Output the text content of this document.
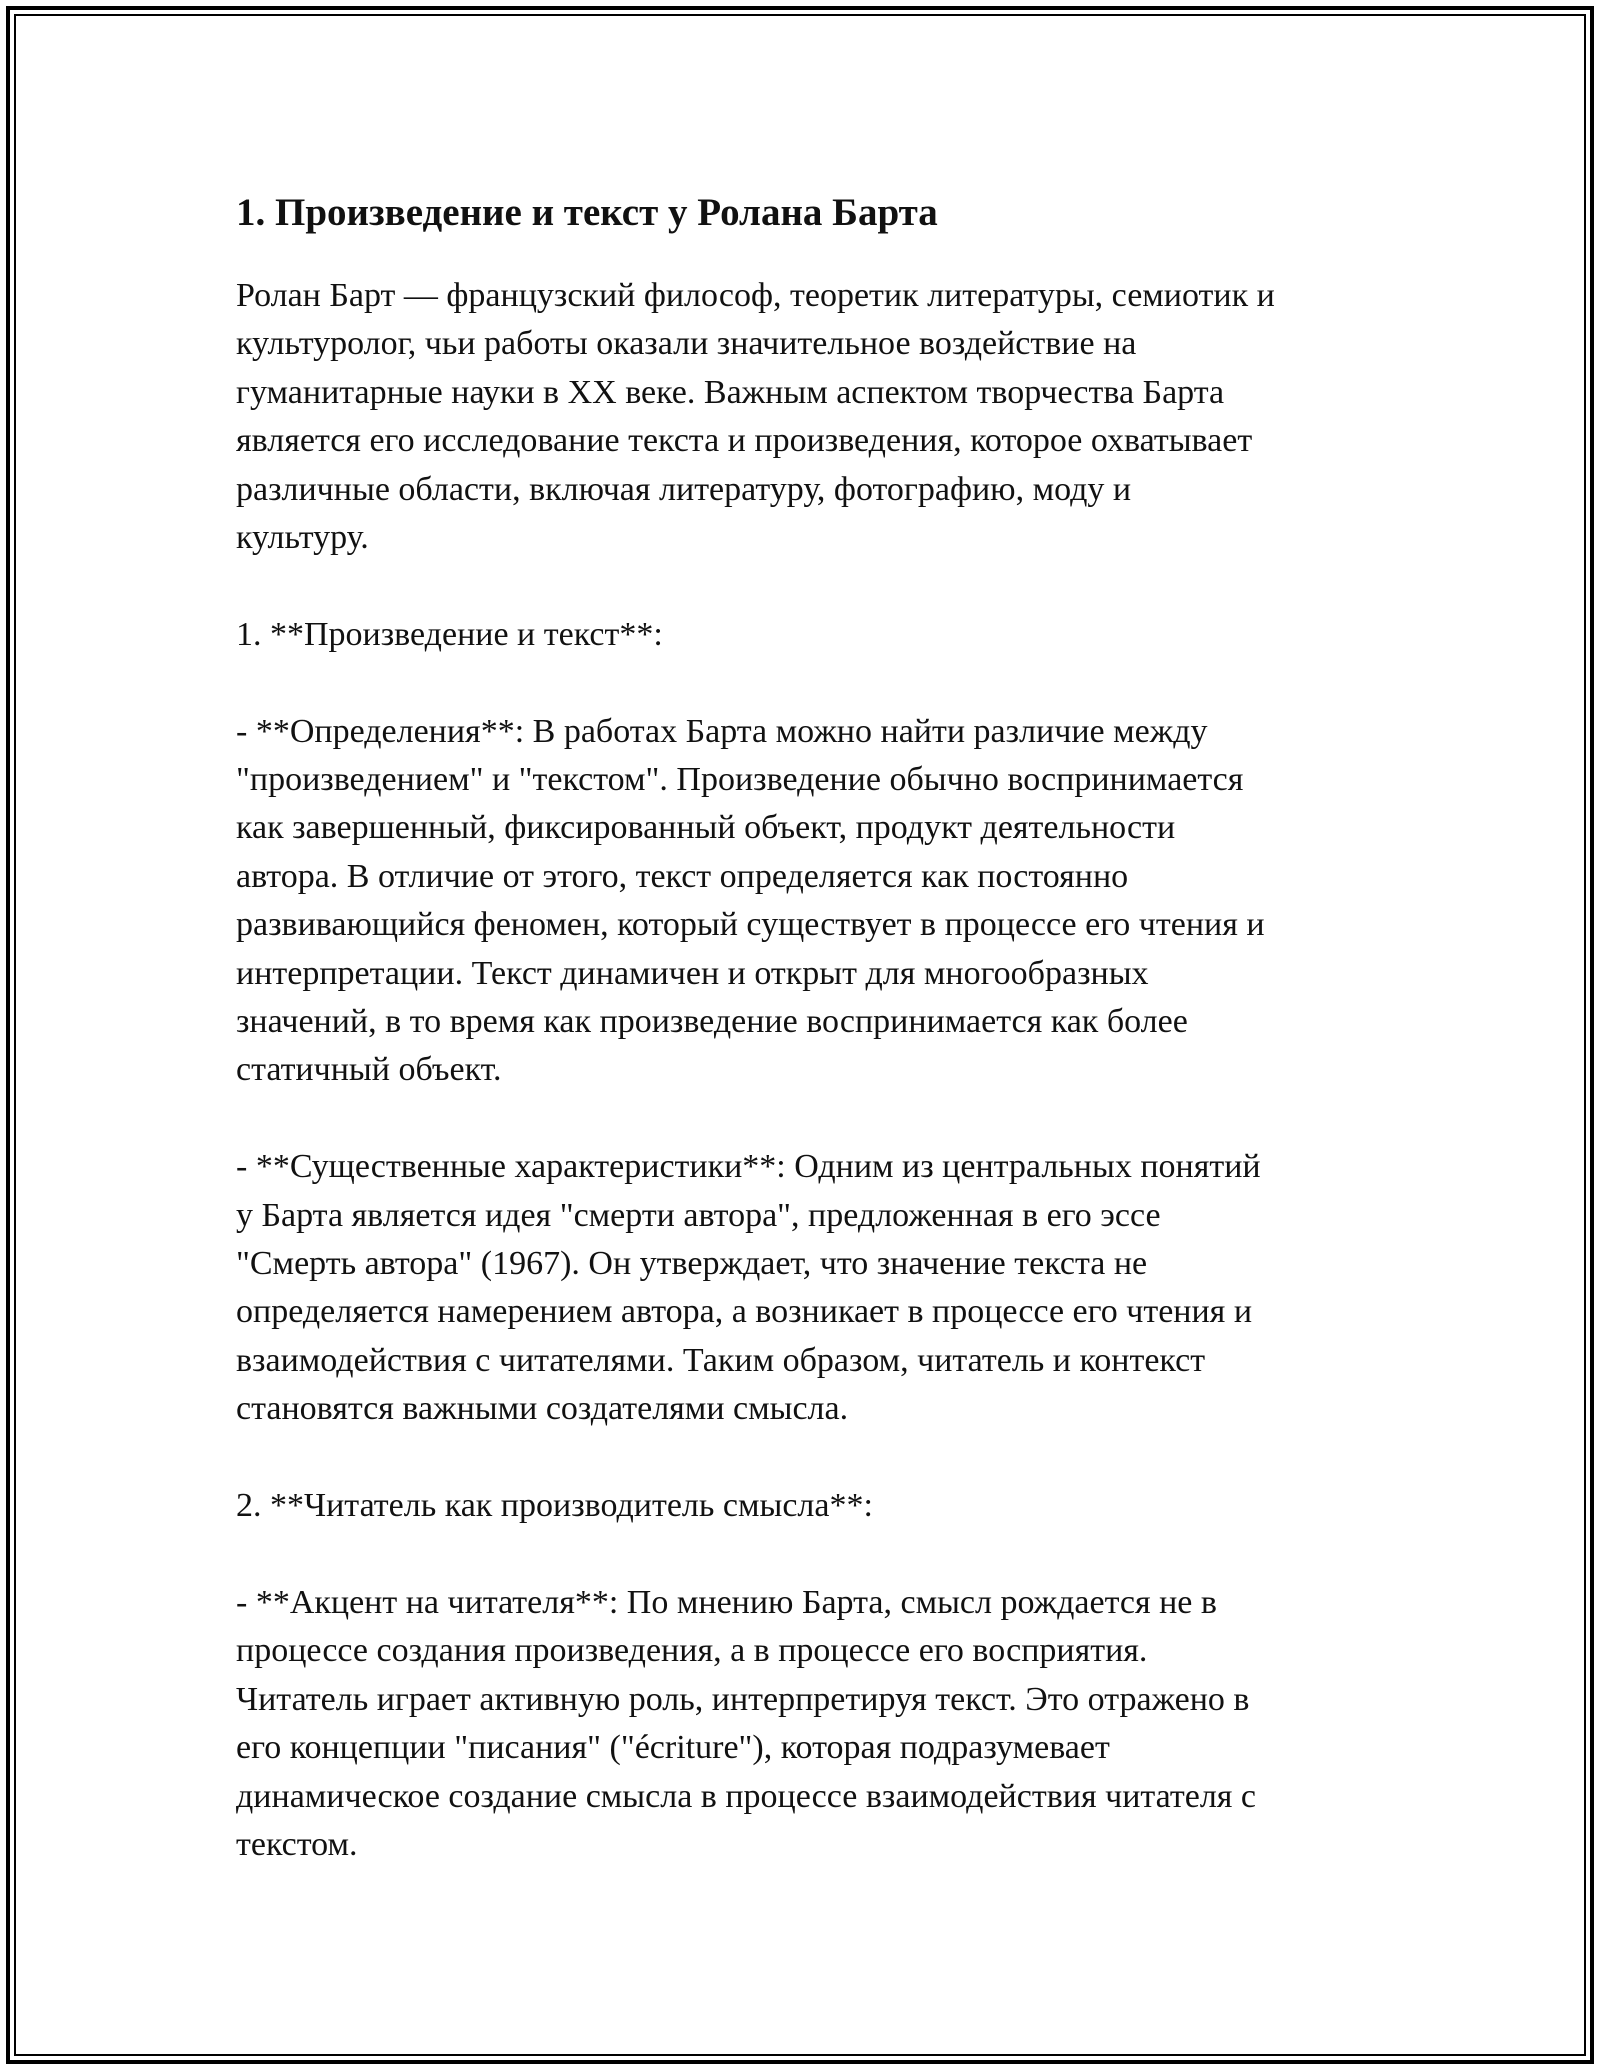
1. Произведение и текст у Ролана Барта

Ролан Барт — французский философ, теоретик литературы, семиотик и
культуролог, чьи работы оказали значительное воздействие на
гуманитарные науки в XX веке. Важным аспектом творчества Барта
является его исследование текста и произведения, которое охватывает
различные области, включая литературу, фотографию, моду и
культуру.

1. **Произведение и текст**:

- **Определения**: В работах Барта можно найти различие между
"произведением" и "текстом". Произведение обычно воспринимается
как завершенный, фиксированный объект, продукт деятельности
автора. В отличие от этого, текст определяется как постоянно
развивающийся феномен, который существует в процессе его чтения и
интерпретации. Текст динамичен и открыт для многообразных
значений, в то время как произведение воспринимается как более
статичный объект.

- **Существенные характеристики**: Одним из центральных понятий
у Барта является идея "смерти автора", предложенная в его эссе
"Смерть автора" (1967). Он утверждает, что значение текста не
определяется намерением автора, а возникает в процессе его чтения и
взаимодействия с читателями. Таким образом, читатель и контекст
становятся важными создателями смысла.

2. **Читатель как производитель смысла**:

- **Акцент на читателя**: По мнению Барта, смысл рождается не в
процессе создания произведения, а в процессе его восприятия.
Читатель играет активную роль, интерпретируя текст. Это отражено в
его концепции "писания" ("écriture"), которая подразумевает
динамическое создание смысла в процессе взаимодействия читателя с
текстом.
